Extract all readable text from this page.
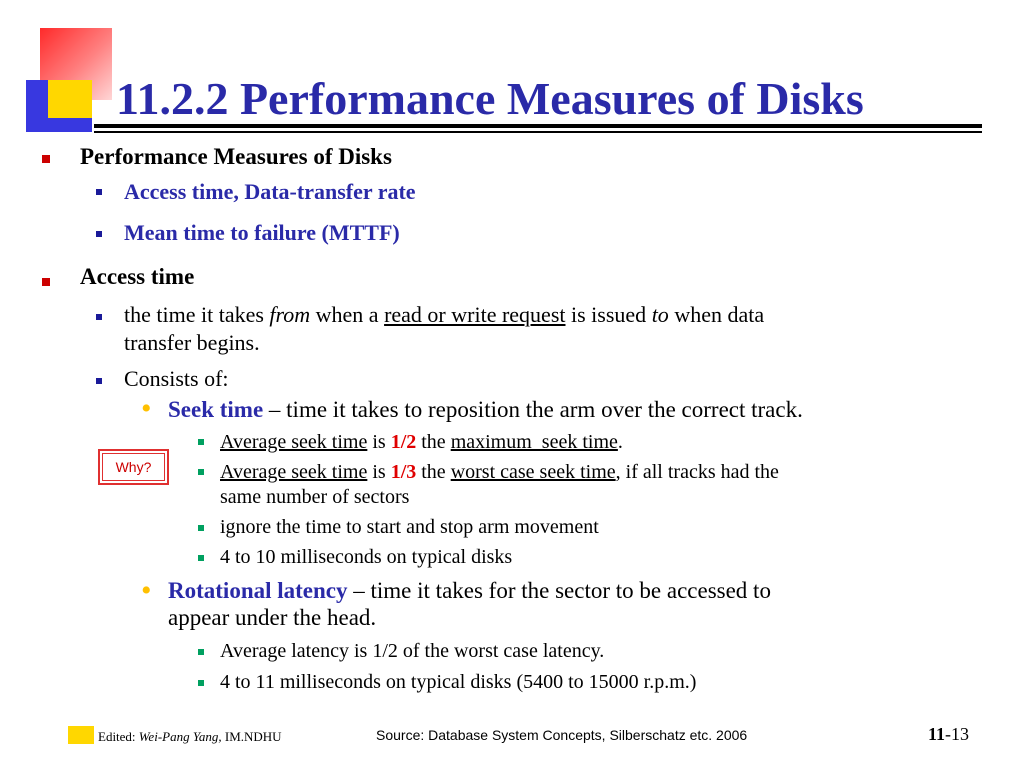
11.2.2 Performance Measures of Disks
Performance Measures of Disks
Access time, Data-transfer rate
Mean time to failure (MTTF)
Access time
the time it takes from when a read or write request is issued to when data
transfer begins.
Consists of:
• Seek time – time it takes to reposition the arm over the correct track.
Average seek time is 1/2 the maximum  seek time.
Average seek time is 1/3 the worst case seek time, if all tracks had the
same number of sectors
ignore the time to start and stop arm movement
4 to 10 milliseconds on typical disks
• Rotational latency – time it takes for the sector to be accessed to
appear under the head.
Average latency is 1/2 of the worst case latency.
4 to 11 milliseconds on typical disks (5400 to 15000 r.p.m.)
Why?
Edited: Wei-Pang Yang, IM.NDHU	Source: Database System Concepts, Silberschatz etc. 2006	11-13
